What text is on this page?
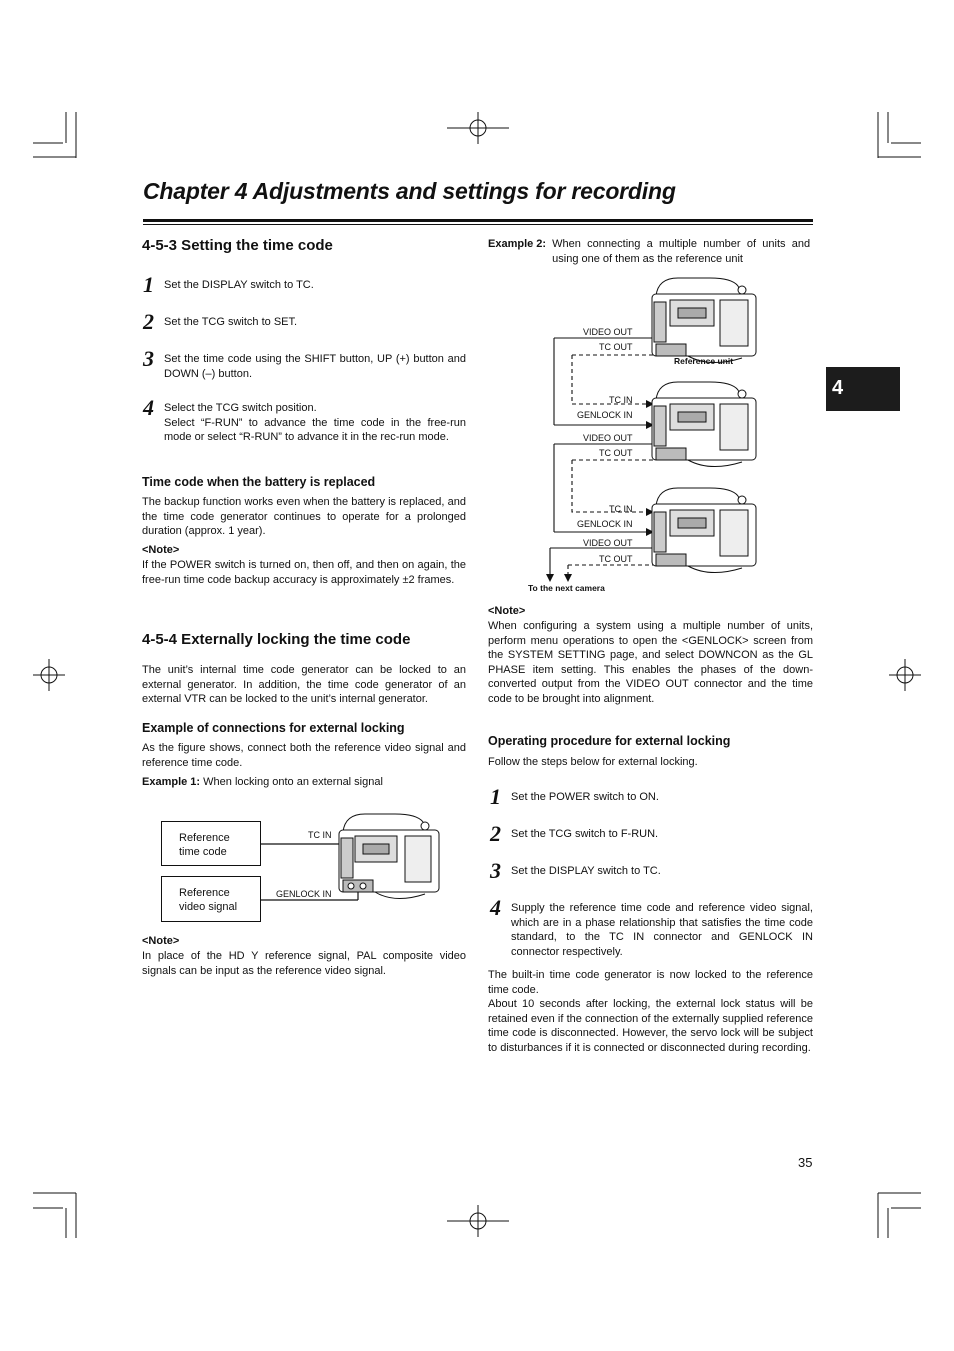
Chapter 4 Adjustments and settings for recording
4
4-5-3 Setting the time code
1 Set the DISPLAY switch to TC.
2 Set the TCG switch to SET.
3 Set the time code using the SHIFT button, UP (+) button and DOWN (–) button.
4 Select the TCG switch position.
Select “F-RUN” to advance the time code in the free-run mode or select “R-RUN” to advance it in the rec-run mode.
Time code when the battery is replaced
The backup function works even when the battery is replaced, and the time code generator continues to operate for a prolonged duration (approx. 1 year).
<Note>
If the POWER switch is turned on, then off, and then on again, the free-run time code backup accuracy is approximately ±2 frames.
4-5-4 Externally locking the time code
The unit’s internal time code generator can be locked to an external generator. In addition, the time code generator of an external VTR can be locked to the unit’s internal generator.
Example of connections for external locking
As the figure shows, connect both the reference video signal and reference time code.
Example 1: When locking onto an external signal
Reference
time code
Reference
video signal
TC IN
GENLOCK IN
<Note>
In place of the HD Y reference signal, PAL composite video signals can be input as the reference video signal.
Example 2: When connecting a multiple number of units and using one of them as the reference unit
VIDEO OUT
TC OUT
Reference unit
TC IN
GENLOCK IN
VIDEO OUT
TC OUT
TC IN
GENLOCK IN
VIDEO OUT
TC OUT
To the next camera
<Note>
When configuring a system using a multiple number of units, perform menu operations to open the <GENLOCK> screen from the SYSTEM SETTING page, and select DOWNCON as the GL PHASE item setting. This enables the phases of the down-converted output from the VIDEO OUT connector and the time code to be brought into alignment.
Operating procedure for external locking
Follow the steps below for external locking.
1 Set the POWER switch to ON.
2 Set the TCG switch to F-RUN.
3 Set the DISPLAY switch to TC.
4 Supply the reference time code and reference video signal, which are in a phase relationship that satisfies the time code standard, to the TC IN connector and GENLOCK IN connector respectively.
The built-in time code generator is now locked to the reference time code.
About 10 seconds after locking, the external lock status will be retained even if the connection of the externally supplied reference time code is disconnected. However, the servo lock will be subject to disturbances if it is connected or disconnected during recording.
35
